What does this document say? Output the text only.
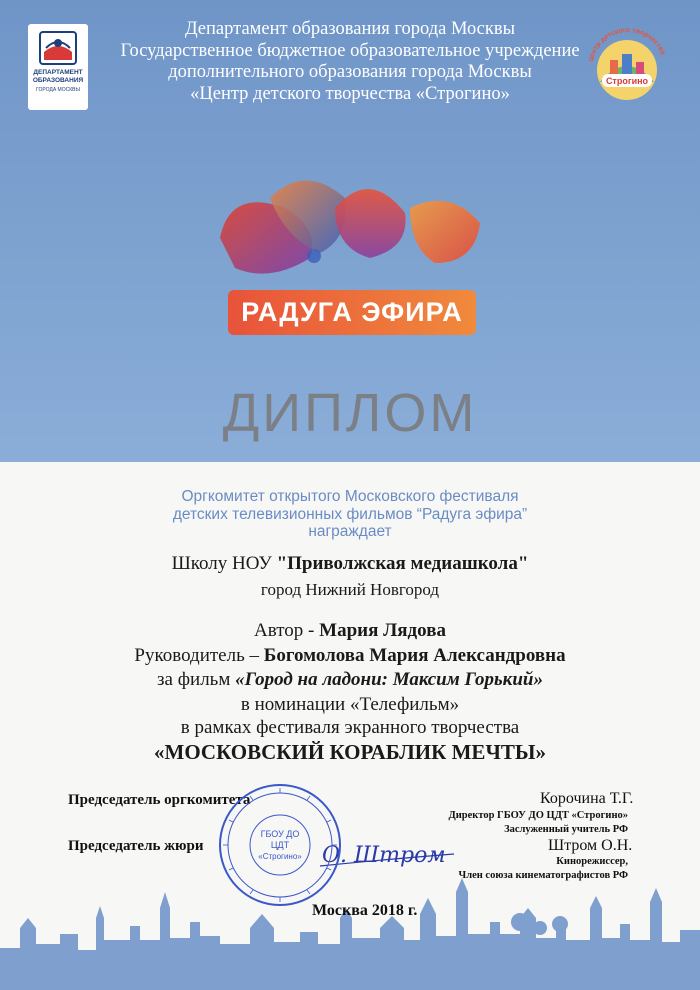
ДЕПАРТАМЕНТ
ОБРАЗОВАНИЯ
ГОРОДА МОСКВЫ
Департамент образования города Москвы
Государственное бюджетное образовательное учреждение
дополнительного образования города Москвы
«Центр детского творчества «Строгино»
центр детского творчества
Строгино
РАДУГА ЭФИРА
ДИПЛОМ
Оргкомитет открытого Московского фестиваля
детских телевизионных фильмов “Радуга эфира”
награждает
Школу НОУ "Приволжская медиашкола"
город Нижний Новгород
Автор - Мария Лядова
Руководитель – Богомолова Мария Александровна
за фильм «Город на ладони: Максим Горький»
в номинации «Телефильм»
в рамках фестиваля экранного творчества
«МОСКОВСКИЙ КОРАБЛИК МЕЧТЫ»
Председатель оргкомитета	Корочина Т.Г.
Директор ГБОУ ДО ЦДТ «Строгино»
Заслуженный учитель РФ
Председатель жюри	Штром О.Н.
Кинорежиссер,
Член союза кинематографистов РФ
О. Штром
Москва 2018 г.
ГБОУ ДО
ЦДТ
«Строгино»
